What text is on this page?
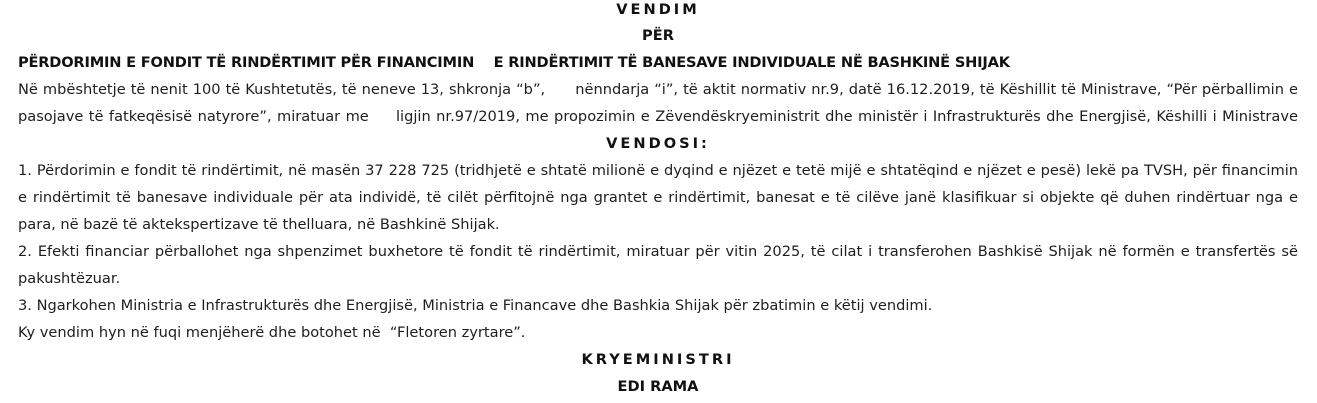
VENDIM
PËR
PËRDORIMIN E FONDIT TË RINDËRTIMIT PËR FINANCIMIN    E RINDËRTIMIT TË BANESAVE INDIVIDUALE NË BASHKINË SHIJAK
Në mbështetje të nenit 100 të Kushtetutës, të neneve 13, shkronja “b”,      nënndarja “i”, të aktit normativ nr.9, datë 16.12.2019, të Këshillit të Ministrave, “Për përballimin e
pasojave të fatkeqësisë natyrore”, miratuar me     ligjin nr.97/2019, me propozimin e Zëvendëskryeministrit dhe ministër i Infrastrukturës dhe Energjisë, Këshilli i Ministrave
VENDOSI:
1. Përdorimin e fondit të rindërtimit, në masën 37 228 725 (tridhjetë e shtatë milionë e dyqind e njëzet e tetë mijë e shtatëqind e njëzet e pesë) lekë pa TVSH, për financimin
e rindërtimit të banesave individuale për ata individë, të cilët përfitojnë nga grantet e rindërtimit, banesat e të cilëve janë klasifikuar si objekte që duhen rindërtuar nga e
para, në bazë të aktekspertizave të thelluara, në Bashkinë Shijak.
2. Efekti financiar përballohet nga shpenzimet buxhetore të fondit të rindërtimit, miratuar për vitin 2025, të cilat i transferohen Bashkisë Shijak në formën e transfertës së
pakushtëzuar.
3. Ngarkohen Ministria e Infrastrukturës dhe Energjisë, Ministria e Financave dhe Bashkia Shijak për zbatimin e këtij vendimi.
Ky vendim hyn në fuqi menjëherë dhe botohet në  “Fletoren zyrtare”.
KRYEMINISTRI
EDI RAMA
